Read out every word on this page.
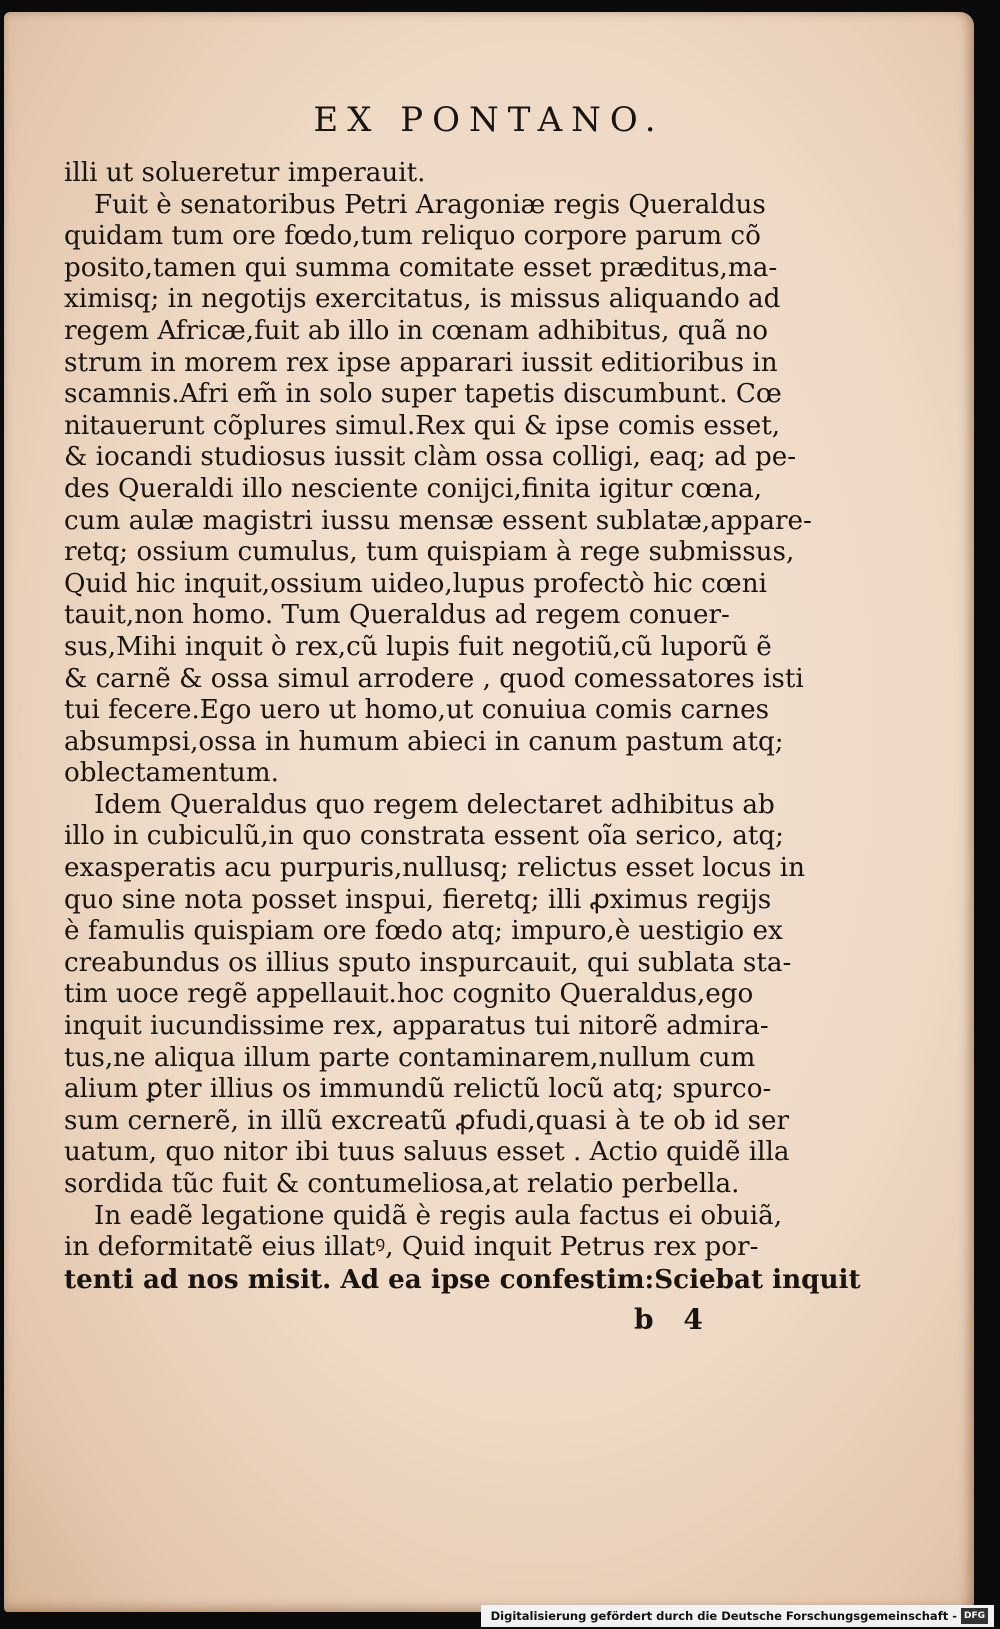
EX PONTANO.
illi ut solueretur imperauit.
Fuit è senatoribus Petri Aragoniæ regis Queraldus
quidam tum ore fœdo,tum reliquo corpore parum cõ
posito,tamen qui summa comitate esset præditus,ma-
ximisq; in negotijs exercitatus, is missus aliquando ad
regem Africæ,fuit ab illo in cœnam adhibitus, quã no
strum in morem rex ipse apparari iussit editioribus in
scamnis.Afri em̃ in solo super tapetis discumbunt. Cœ
nitauerunt cõplures simul.Rex qui & ipse comis esset,
& iocandi studiosus iussit clàm ossa colligi, eaq; ad pe-
des Queraldi illo nesciente conijci,finita igitur cœna,
cum aulæ magistri iussu mensæ essent sublatæ,appare-
retq; ossium cumulus, tum quispiam à rege submissus,
Quid hic inquit,ossium uideo,lupus profectò hic cœni
tauit,non homo. Tum Queraldus ad regem conuer-
sus,Mihi inquit ò rex,cũ lupis fuit negotiũ,cũ luporũ ẽ
& carnẽ & ossa simul arrodere , quod comessatores isti
tui fecere.Ego uero ut homo,ut conuiua comis carnes
absumpsi,ossa in humum abieci in canum pastum atq;
oblectamentum.
Idem Queraldus quo regem delectaret adhibitus ab
illo in cubiculũ,in quo constrata essent oĩa serico, atq;
exasperatis acu purpuris,nullusq; relictus esset locus in
quo sine nota posset inspui, fieretq; illi ꝓximus regijs
è famulis quispiam ore fœdo atq; impuro,è uestigio ex
creabundus os illius sputo inspurcauit, qui sublata sta-
tim uoce regẽ appellauit.hoc cognito Queraldus,ego
inquit iucundissime rex, apparatus tui nitorẽ admira-
tus,ne aliqua illum parte contaminarem,nullum cum
alium ꝑter illius os immundũ relictũ locũ atq; spurco-
sum cernerẽ, in illũ excreatũ ꝓfudi,quasi à te ob id ser
uatum, quo nitor ibi tuus saluus esset . Actio quidẽ illa
sordida tũc fuit & contumeliosa,at relatio perbella.
In eadẽ legatione quidã è regis aula factus ei obuiã,
in deformitatẽ eius illatꝰ, Quid inquit Petrus rex por-
tenti ad nos misit. Ad ea ipse confestim:Sciebat inquit
b 4
Digitalisierung gefördert durch die Deutsche Forschungsgemeinschaft - DFG
